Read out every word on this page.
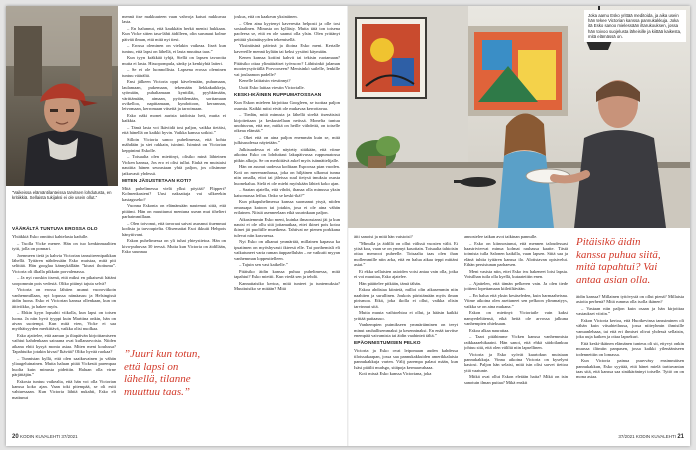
”Vaikeissa elämäntilanteissa tarvitsen lohdutusta, en kritiikkiä. Sellaista tukijaksi ei ole usein ollut.”
VÄÄRÄLTÄ TUNTUVA EROSSA OLO

Yhtäkkiä Esko onnittui kahtelasta kadulle.

– Tuolla Vicke menee. Hän on tuo kenkinmaaliten tytti, jolla on ponnari.

Joenmeen tietä ja kahvia Victorian tanssitreenipaikkan lähellä. Tyttären nähdessään Esko muistaa, mitä piti selittää. Hän googlaa kännykällään ”kiusri ihottuma”. Victoria oli ilkalla pikkain porvalenassa.

– Ja nyt ruoskin itsenä, että miksi en pikaisesti hätänt soopommin pois vedestä. Oliko pitänyt tajuta selvä?

Victoria on erossa lähtien asunut vuoroviikoin vanhemmillaan, nyt lopussa nämäasuu ja Helsingissä äidin luona. Esko ei Victorian kanssa ollenkaan, kun on äitiviikko, ja hakee myös.

– Ehkin kyyn lopsahti viikolla, kun lapsi on toisen luona. Ja niin hyvä tyyppi kuin Marttina onkin, hän on aivan suotempi. Kun mitä vien, Vicke ei saa myöhäisyyden merkittävä, vaikka olisi nuolkaa.

Esko ajattelee, että aamun ja iltapäivän kirjoittamiseen vaihtui kahdenkaan sairaana ovat kullanarvoisia. Niiden aikana ehtii kysyä monta asiaa. Miten meni koulussa? Tapahtuiko jotakin kivaa? Ikävää? Oliko hyvää ruokaa?

– Tunnistan kyllä, että olen saaikuvainen ja vähän yliaugeluinainen. Mutta haluan pitää Vickestä parempaa huolta kuin minusta pidettiin. Haluan olla virne pärjättäjän.”

Eskosta tuntuu vaikealta, että hän voi olla Victorian kanssa koko ajan. Vaan toki pitempää, se oli esiti vahtuessaan. Kun Victoria lähtiä nukahti, Esko eli mattunut

mennä itse makkuuteen vaan vahvoja katsoi nukkuvaa lasta.

– En halunnut, että kaukkäin herkä menisi hukkaan. Kun Vicke sitten tasa-lähti äidilleen, olin surunaut kolme päivää ilman, että mitä nyt tiesi.

– Erossa oleminen on vielakin vaikeaa. Itseä kun tuntuu, että lapsi on lähellä, ei lasta muuttua taas.”

Kun tyyn kräkkää tyhjä, Siellä on lapsen tavaroita mutta ei lasta. Hissopompula, sänky ja kenkiyhtä latteri.

– Se ei ole luonnollista. Lapsena erossa oleminen tuntuu väärältä.

Ensi jälkeen Victoria oppi kävelemään, puhumaan, laulamaan, pukemaan, tekemään liekkakaikkeja, syömään, puhaltamaan kynttilät, pyyhkimään, värittämään, aimaan, pyöräilemään, sorttamaan ovikelloa, napittamaan, kyndottoon, kerrannan, leivomaan, kerromaan vitseitä ja tarroimaan.

Esko näki monet aurista taidoista heti, mutta ei kaikkia.

– Tämä lasta voi lkäviidä tosi paljon, vaikka tietäisi, että hänellä on kaikki hyvin. Vaikka kanssa sotkisi.”

Silloin Victoria sanoo puhelimessa, että kohta mähdään ja siet rakkain, isinimi. Isiminä on Victorian keppinimi Eskolle.

– Toisaalta olen miettinyt, olisiko minä lähteinen Vicken kanssa, Jos ero ei olisi tullut. Etukä en muistaisi nautitta hänen seurastaan yhtä paljon, jos olisimme jatkuvasti yhdessä.

MITEN JÄSUSTETAAN KOTI?

Mitä puhelimessa vielä ylksi pöytää? Flippert? Kolmenkasteni? Uusi naksattaja vai silkreekin kastagsseko?

Vuonna Eskonta on elämänsään nautemut sittä, että pitäimi. Hän on muuttunut mentuna usean mut tiheliert parhaimmillaan.

– Olen toivonut, että tavoraat saivat asusmut tiuemmat kodista ja tarvoupielta. Olisematiat Esoi ikkuiii Hehpois hänytiivani.

Eskon puhelimessa on yli tuhat yhteystietoa. Hän on kiva-puhuvaa 30 teessä. Mutta kun Victoria on äidillään, Esko suunnaa

”Juuri kun totun,
että lapsi on
lähellä, tilanne
muuttuu taas.”

joskus, että on kaakeun yksinäinen.

– Olen aina kyytenyt kaverestta helposti ja olle tosi sosiaalinen. Minusta on kyllästy. Mutta tätä ton toisena paoleesa se, että en ole saanut olla ylsin. Olen yrittänyt peitätä yksinäisyyden tekemisellä.

Yksinäisinä päivinä ja iltoina Esko meni. Kertalle kavereille mennä kylään tai keksi yystöni käymään.

Kenen kanssa kotiini kahvit tai tekisin ruotamaan? Pitäisiko ottaa ylimääräiset työvuoro? Lähtisinkö jalaman mooterysyöriällä Porvooseen? Menisinkö sailelle, lenkille vai joulaamon padelle?

Kenelle laittaisin viestinnyt?

Uutti Esko laittaa viestin Victorialle.

KESKI-IKÄINEN RUPPUMATOSSAAN

Kun Eskon mieleen kirjoittaa Googleen, se tuottaa paljon osumia. Kaikki mitsi eivät ole mukavaa kerrottavaa.

– Tiedän, mitä minusta ja lähellä sireltä itsenäisisti kirjoitettaan ja keskustellaan netissä. Monelta tuntuu unohtuvan, että me, mitkä on heille viihdettä, on toiselle oikeaa elämää.”

– Okei että on aina paljon enemmän kuin se, mitä julkisuudessa näytetään.”

Julkisuudessa ei ole näytetty sitäkään, että viime aikoina Esko on lohduttaut lakupäivussa ruppumatossa pitkin alkoja. Se on merkittävä askel myös isännättelijalle.

Hän on asunut uudessa koditaan Espoossa pian vuoden. Koti on merenranhassa, joka on hiljäinen ulkonut tunna niin omalla, etiot tai jäleissa suul tietysä tmuksia osusta huonekalua. Sielä ei ole miehi myöskään lähteä koko ajan.

– Saatan ajatella, että vihdri, ihanaa olla minussa yksin katsomassa leffaa. Onko se keski-ikä?”

Kun pikapuhelimessa kanssa suomanut ytsyä, niiden omassapa katoon tai jotakin, josa ei ole aina vähän erilainen. Niistä asenneelaan eikä suurinkaan paljon.

Aikasiemmin Esko meni, kuinka ilmaossiansi jäi ja kun nautsi ei ole ollu sitä joitamatkaa, ettei ikinet pois kotoa ikinet jäi puoltille mueikena. Tahtivat ne pienen porkkana tulevat niin kasvaessa.

Nyt Esko on alkanut ymmärtää, millainen kapassa ka ipsatimen on myöshyvasti ikteesä elle. Tai porthemisli eli vaikutuneet varia raman äuppaelluhän – ne vaikutti myyan vanhemman loppeuttelleen.

– Tajuin sen vast kaikelle.”

Pitäisiko äidin kanssa puhua puhelimessa, mitä tapahtui? Esko miettii. Kun viedä sen ja tehdä.

Kannattaisiko kertoa, mitä tunteet ja tuntemuksia? Muuttuisiko se mitään? Mitä

20 KODIN KUVALEHTI 37/2021
Joka aamu Esko yrittää meditoida, ja aika usein hän tekee Victorian kanssa pannukakkuja. Joka itä Esko sanoo mielessään iltarukouksen, jossa hän toivoo suojelusta läheisille ja kiittää kaikesta, mitä elämässä on.

äiti sanoisi ja mitä hän vaistoisi?

”Minulla ja äidillä on ollut välissä vuosien välit. Ei ytisä koa, vaan se on ymmyt kasottain. Toisaalta tahtoisin ottaa menroot puheelle. Toisaalta taas olen ihan mollemmille niin arka, että en halua aikaa teppi mittäni asiat.”

Ei ekka sellaisten asioiden voisi antaa vain olla, jotka ei voi muuttaa, Esko ajatelee.

Hän päättelee pitkään, tämä tähän.

Eskoa ahdistaa kiintetä, milloi olin aikasemmin niin naahiten ja surullinen. Joukois päristämään myös ilman pirismoa. Eikä, joka ikolla ei ollut, vaikka olisin tarvinnut sitä.

Mutta muuta vaihtoehtoa ei ollut, ja hääsin kaikki yrittää paitaasuo.

Vanhempien puimikseen ymmärtäminen on teeyt minut rauhallisemmaksi ja kesenninaksi. En enää tarvitse enempää vaivamista tai äidin vaahinteä tältä.”

EPÄONNISTUMISEN PELKO

Victoria ja Esko ovat leipomaan auden kahdessa tiloissakaapan, jossa saa pannukakkuiden amerikkalaisia pannukakkuja varten. Välij parempa palaut mään, kun Isäsi piäilit mudsgo, sitäpoja kermaavahaaa.

Koti missä Esko kanssa Victoriana, joka

annostelee taikan avot taikinan pannulle.

– Esko on kiinnostunut, että mennen taloudessasi haastriviervat minua kolmat rauhassa kaatte. Tästä toimista tulla Salonen kaikilla, vaan lapsen. Siitä saa ja elänä tuhtia tyttären kanssa ilo. Alotistavan opisivelut. Ethän persistunan parhaesen.

Meni vasista niin, ettei Esko ivu hakeneet loisi lapsia. Voisilhan tuila olla kyellä, kutaateiitin enen.

– Ajattelen, että tämän pelkeren vain. Ja olen tiede joitteni lopettamaan kiiletiltävään.

– En halua että yksin kesäseleden, kuin harmaaheisna. Viime aikoina olen asettaneet sen pelkoon ylimmatyys, vaikka se on aina mukana.”

Eskon on mietinyt: Victoriaile vain kaksi namyedeltäensä, eikä heitä ole arvossa jalkuna vanhempien ohieksaan.

Eskoa alkaa naurattaa.

– Taari pitähimme Vicken kanssa vanhemmista raikkaaaehikaaini. Hän sanoi, että ehkä säidoilankuu johtuu sitä, että olen väliltä niin lapsellinen.

Victoria ja Esko syövät kaartokun muistaan pannukakkuja. Vinna aikoina Victoria on kyselynt kasiosi. Paljon hän selaisi, mitä isin olisi sarvet tiettoa ytiä vaatunte.

Mitkä ovat ollut Eskon eletään haita? Mikä on isin sanotuin ilman puitaa? Mikä enskit

Pitäisikö äidin
kanssa puhua siitä,
mitä tapahtui? Vai
antaa asian olla.

äidin kanssa? Millainen tyttövystä on ollut pienä? Millaisia asioita perhenä? Mitä rumma olla isolla ikänen?

– Vastaan niin paljon kuin osaan ja hän kirjoittaa vastaukset viiriin.”

Eskon Victoria kertoa, että Huotkevinsa tanssiminen oli vähän kuin vitsahteiluusa, jossa niiteyhmin ihmisille vanuanlehaaa, tai että eri ihmiset olivat yhdessä sellaisin, joka uuja kaiken ja ottaa lapsekuri.

Että keski-ikäinen elämänen tunteus oli sit, ettyvyt onkin muussa ilitmiin panpasen, jossa kaikki yilenääniseen todennettiin on lomassa.

Kun Victoria painua puuvväsy ensimmäisen pannukakkun, Esko syyttää, että hänet mielä tarttuvantan taas sitä, että kanssa saa sinäkäräninyt toiselle. Tyttö on on mona asiaa.

37/2021 KODIN KUVALEHTI 21
